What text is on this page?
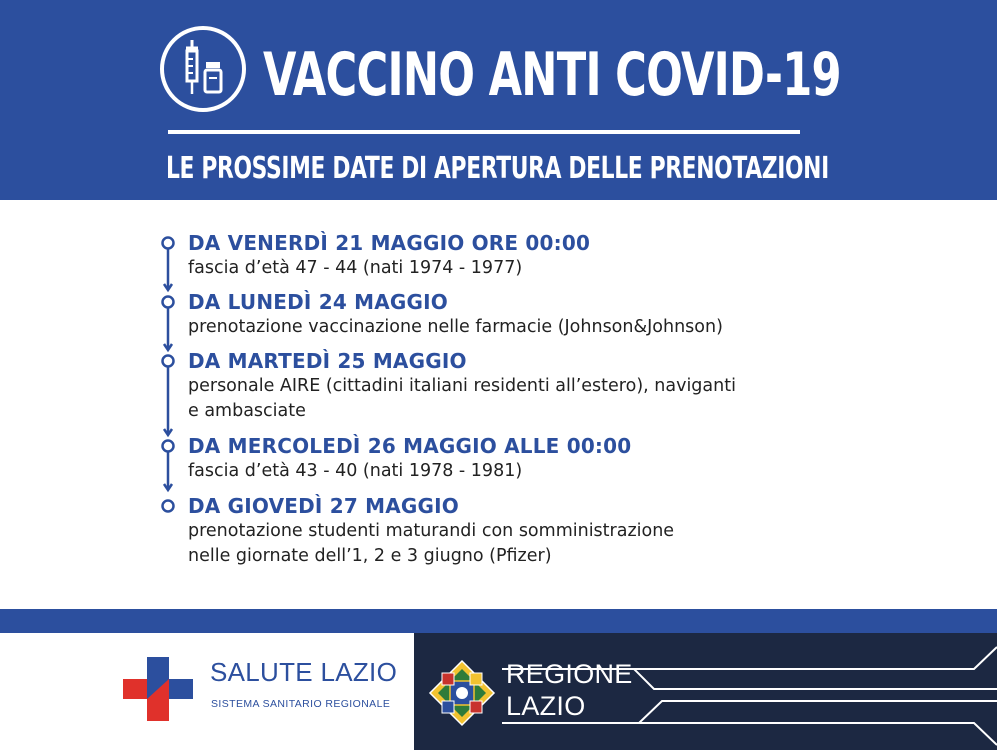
VACCINO ANTI COVID-19
LE PROSSIME DATE DI APERTURA DELLE PRENOTAZIONI
DA VENERDÌ 21 MAGGIO ORE 00:00
fascia d’età 47 - 44 (nati 1974 - 1977)
DA LUNEDÌ 24 MAGGIO
prenotazione vaccinazione nelle farmacie (Johnson&Johnson)
DA MARTEDÌ 25 MAGGIO
personale AIRE (cittadini italiani residenti all’estero), naviganti
e ambasciate
DA MERCOLEDÌ 26 MAGGIO ALLE 00:00
fascia d’età 43 - 40 (nati 1978 - 1981)
DA GIOVEDÌ 27 MAGGIO
prenotazione studenti maturandi con somministrazione
nelle giornate dell’1, 2 e 3 giugno (Pfizer)
SALUTE LAZIO
SISTEMA SANITARIO REGIONALE
REGIONE
LAZIO
